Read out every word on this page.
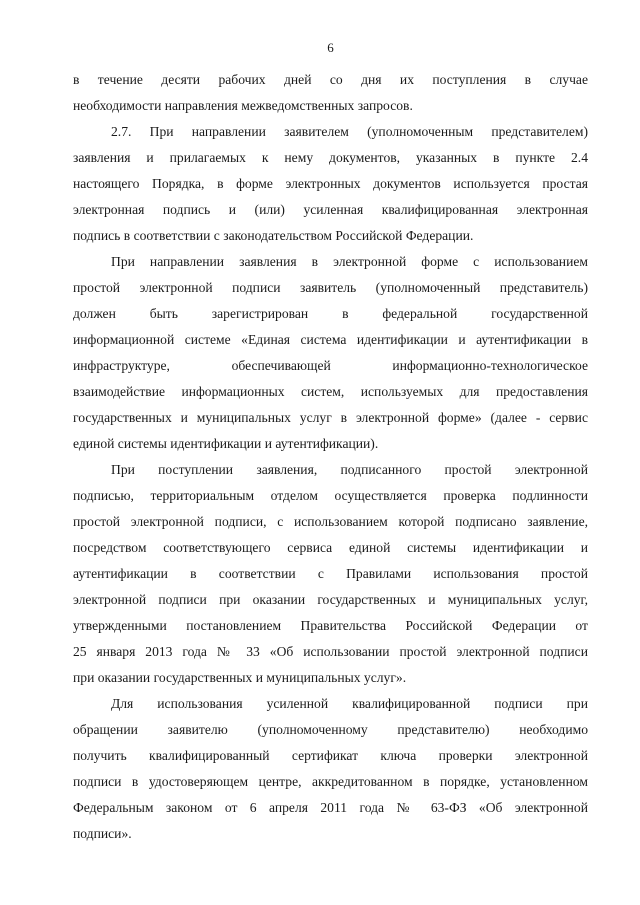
6
в течение десяти рабочих дней со дня их поступления в случае
необходимости направления межведомственных запросов.
2.7. При направлении заявителем (уполномоченным представителем)
заявления и прилагаемых к нему документов, указанных в пункте 2.4
настоящего Порядка, в форме электронных документов используется простая
электронная подпись и (или) усиленная квалифицированная электронная
подпись в соответствии с законодательством Российской Федерации.
При направлении заявления в электронной форме с использованием
простой электронной подписи заявитель (уполномоченный представитель)
должен быть зарегистрирован в федеральной государственной
информационной системе «Единая система идентификации и аутентификации в
инфраструктуре, обеспечивающей информационно-технологическое
взаимодействие информационных систем, используемых для предоставления
государственных и муниципальных услуг в электронной форме» (далее - сервис
единой системы идентификации и аутентификации).
При поступлении заявления, подписанного простой электронной
подписью, территориальным отделом осуществляется проверка подлинности
простой электронной подписи, с использованием которой подписано заявление,
посредством соответствующего сервиса единой системы идентификации и
аутентификации в соответствии с Правилами использования простой
электронной подписи при оказании государственных и муниципальных услуг,
утвержденными постановлением Правительства Российской Федерации от
25 января 2013 года № 33 «Об использовании простой электронной подписи
при оказании государственных и муниципальных услуг».
Для использования усиленной квалифицированной подписи при
обращении заявителю (уполномоченному представителю) необходимо
получить квалифицированный сертификат ключа проверки электронной
подписи в удостоверяющем центре, аккредитованном в порядке, установленном
Федеральным законом от 6 апреля 2011 года № 63-ФЗ «Об электронной
подписи».
